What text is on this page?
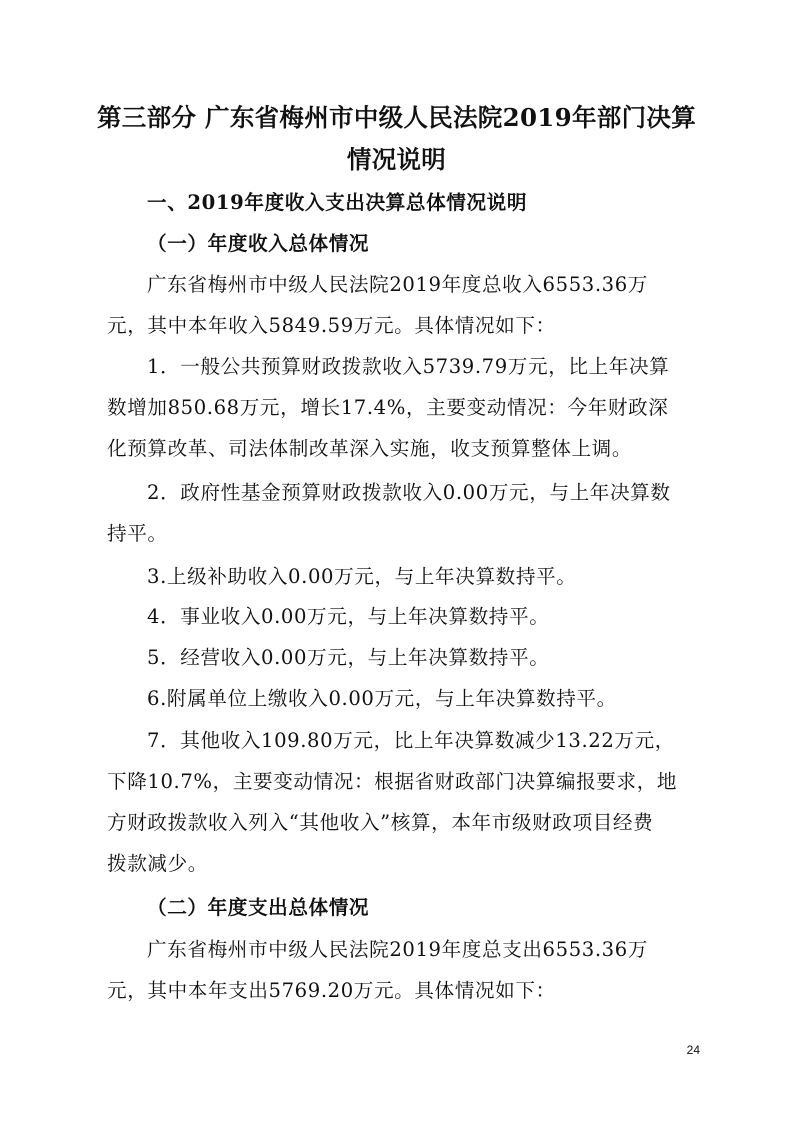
第三部分 广东省梅州市中级人民法院2019年部门决算
情况说明
一、2019年度收入支出决算总体情况说明
（一）年度收入总体情况
广东省梅州市中级人民法院2019年度总收入6553.36万
元，其中本年收入5849.59万元。具体情况如下：
1．一般公共预算财政拨款收入5739.79万元，比上年决算
数增加850.68万元，增长17.4%，主要变动情况：今年财政深
化预算改革、司法体制改革深入实施，收支预算整体上调。
2．政府性基金预算财政拨款收入0.00万元，与上年决算数
持平。
3.上级补助收入0.00万元，与上年决算数持平。
4．事业收入0.00万元，与上年决算数持平。
5．经营收入0.00万元，与上年决算数持平。
6.附属单位上缴收入0.00万元，与上年决算数持平。
7．其他收入109.80万元，比上年决算数减少13.22万元，
下降10.7%，主要变动情况：根据省财政部门决算编报要求，地
方财政拨款收入列入“其他收入”核算，本年市级财政项目经费
拨款减少。
（二）年度支出总体情况
广东省梅州市中级人民法院2019年度总支出6553.36万
元，其中本年支出5769.20万元。具体情况如下：
24
